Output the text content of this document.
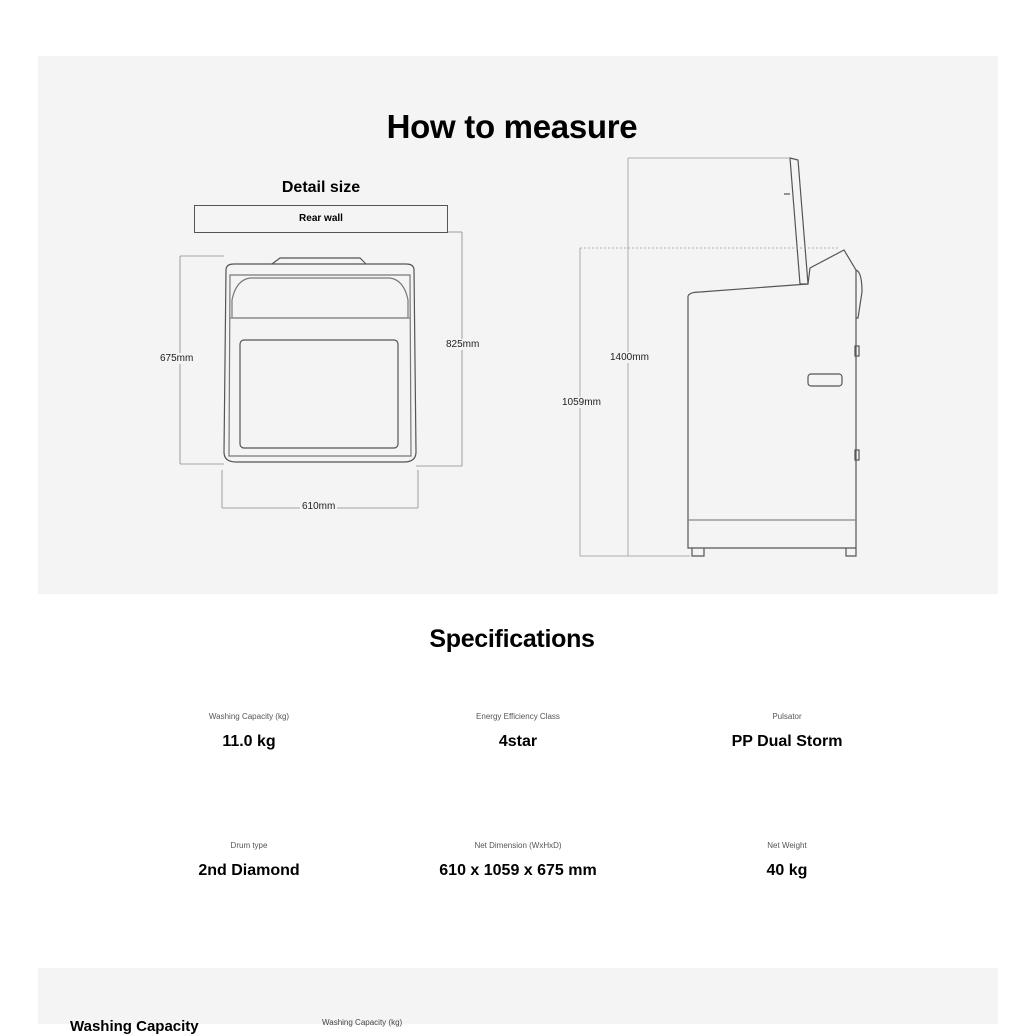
How to measure
Detail size
Rear wall
675mm
825mm
610mm
1400mm
1059mm
Specifications
Washing Capacity (kg)
11.0 kg
Energy Efficiency Class
4star
Pulsator
PP Dual Storm
Drum type
2nd Diamond
Net Dimension (WxHxD)
610 x 1059 x 675 mm
Net Weight
40 kg
Washing Capacity	Washing Capacity (kg)
